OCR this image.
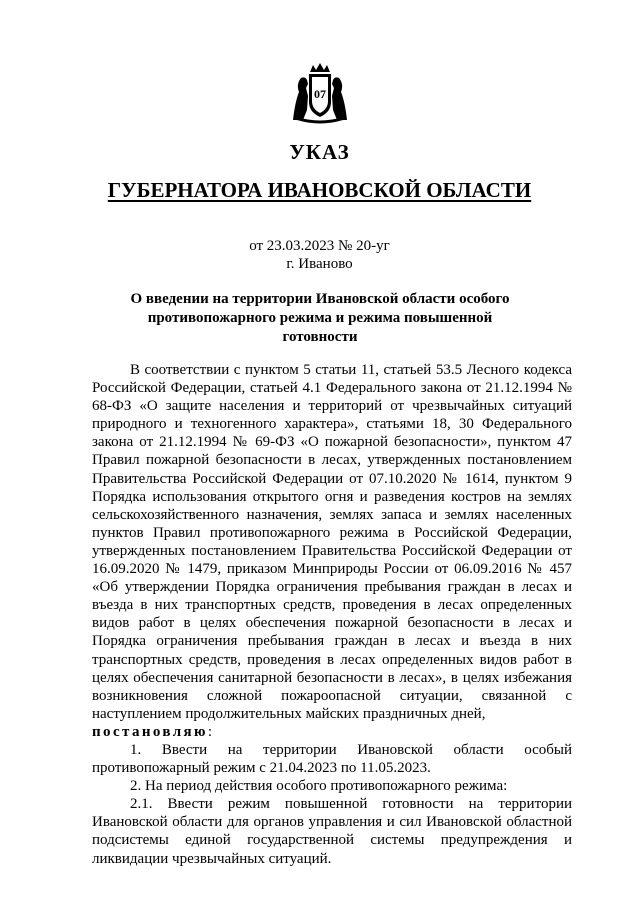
07
УКАЗ
ГУБЕРНАТОРА ИВАНОВСКОЙ ОБЛАСТИ
от 23.03.2023 № 20-уг
г. Иваново
О введении на территории Ивановской области особого противопожарного режима и режима повышенной готовности

В соответствии с пунктом 5 статьи 11, статьей 53.5 Лесного кодекса Российской Федерации, статьей 4.1 Федерального закона от 21.12.1994 № 68-ФЗ «О защите населения и территорий от чрезвычайных ситуаций природного и техногенного характера», статьями 18, 30 Федерального закона от 21.12.1994 № 69-ФЗ «О пожарной безопасности», пунктом 47 Правил пожарной безопасности в лесах, утвержденных постановлением Правительства Российской Федерации от 07.10.2020 № 1614, пунктом 9 Порядка использования открытого огня и разведения костров на землях сельскохозяйственного назначения, землях запаса и землях населенных пунктов Правил противопожарного режима в Российской Федерации, утвержденных постановлением Правительства Российской Федерации от 16.09.2020 № 1479, приказом Минприроды России от 06.09.2016 № 457 «Об утверждении Порядка ограничения пребывания граждан в лесах и въезда в них транспортных средств, проведения в лесах определенных видов работ в целях обеспечения пожарной безопасности в лесах и Порядка ограничения пребывания граждан в лесах и въезда в них транспортных средств, проведения в лесах определенных видов работ в целях обеспечения санитарной безопасности в лесах», в целях избежания возникновения сложной пожароопасной ситуации, связанной с наступлением продолжительных майских праздничных дней,

постановляю:

1. Ввести на территории Ивановской области особый противопожарный режим с 21.04.2023 по 11.05.2023.

2. На период действия особого противопожарного режима:

2.1. Ввести режим повышенной готовности на территории Ивановской области для органов управления и сил Ивановской областной подсистемы единой государственной системы предупреждения и ликвидации чрезвычайных ситуаций.
